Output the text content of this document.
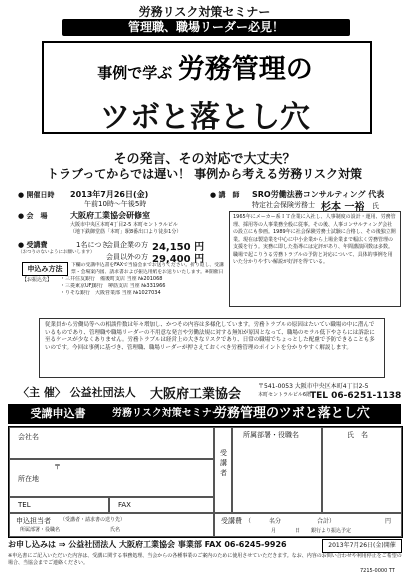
労務リスク対策セミナー
管理職、職場リーダー必見！
事例で学ぶ 労務管理の
ツボと落とし穴
その発言、その対応で大丈夫？
トラブってからでは遅い！ 事例から考える労務リスク対策
● 開催日時 2013年7月26日(金)
午前10時〜午後5時
● 会　場	大阪府工業協会研修室
大阪市中央区本町4丁目2-5 本町セントラルビル
（地下鉄御堂筋「本町」駅8番出口より徒歩1分）
● 受講費
（おつりのないようにお願いします）
1名につき
会員企業の方 24,150 円
会員以外の方 29,400 円
● 講　師 SRO労働法務コンサルティング 代表
特定社会保険労務士 杉本 一裕 氏
1965年にメーカー系ＩＴ企業に入社し、人事制度の設計・運用、労務管理、採用等の人事業務全般に従事。その後、人事コンサルティング会社の設立にも参画。1989年に社会保険労務士試験に合格し、その後独立開業。現在は製造業を中心に中小企業から上場企業まで幅広く労務管理の支援を行う。実務に即した指導には定評があり、年間講演回数は多数。職場で起こりうる労務トラブルの予防と対応について、具体的事例を用いた分かりやすい解説が好評を得ている。
申込み方法
【お振込先】	・三井住友銀行　備後町支店 当座 №201068
・三菱東京UFJ銀行　堺筋支店 当座 №331966
・りそな銀行　大阪営業部 当座 №1027034
下欄の受講申込書をFAXで当協会までお送りください。折り返し、受講票・会場案内図、請求書および振込用紙をお送りいたします。※開催日
従業員から労働局等への相談件数は年々増加し、かつその内容は多様化しています。労務トラブルの原因はたいてい職場の中に潜んでいるものであり、管理職や職場リーダーの不用意な発言や労働法規に対する無知が原因となって、職場のモラル低下やさらには訴訟に至るケースが少なくありません。労務トラブルは経営上の大きなリスクであり、日常の職場でちょっとした配慮で予防できることも多いのです。今回は事例に基づき、管理職、職場リーダーが押さえておくべき労務管理のポイントを分かりやすく解説します。
〈主 催〉 公益社団法人 大阪府工業協会
〒541-0053 大阪市中央区本町4丁目2-5
本町セントラルビル6階
TEL 06-6251-1138
受講申込書	労務リスク対策セミナー
労務管理のツボと落とし穴
会社名
〒
所在地
TEL	FAX
受講者
所属部署・役職名	氏　名
申込担当者 （受講者・請求書の送り先）
所属部署・役職名	氏名
受講費 （　　　名分　　　　　　合計）	円
月	日 銀行より振込予定
お申し込みは ⇒ 公益社団法人 大阪府工業協会 事業部 FAX 06-6245-9926	2013年7月26日(金)開催
※申込書にご記入いただいた内容は、受講に関する事務処理、当会からの各種事業のご案内のために使用させていただきます。なお、内容のお問い合わせや利用停止をご希望の場合、当協会までご連絡ください。
7215-0000 TT
